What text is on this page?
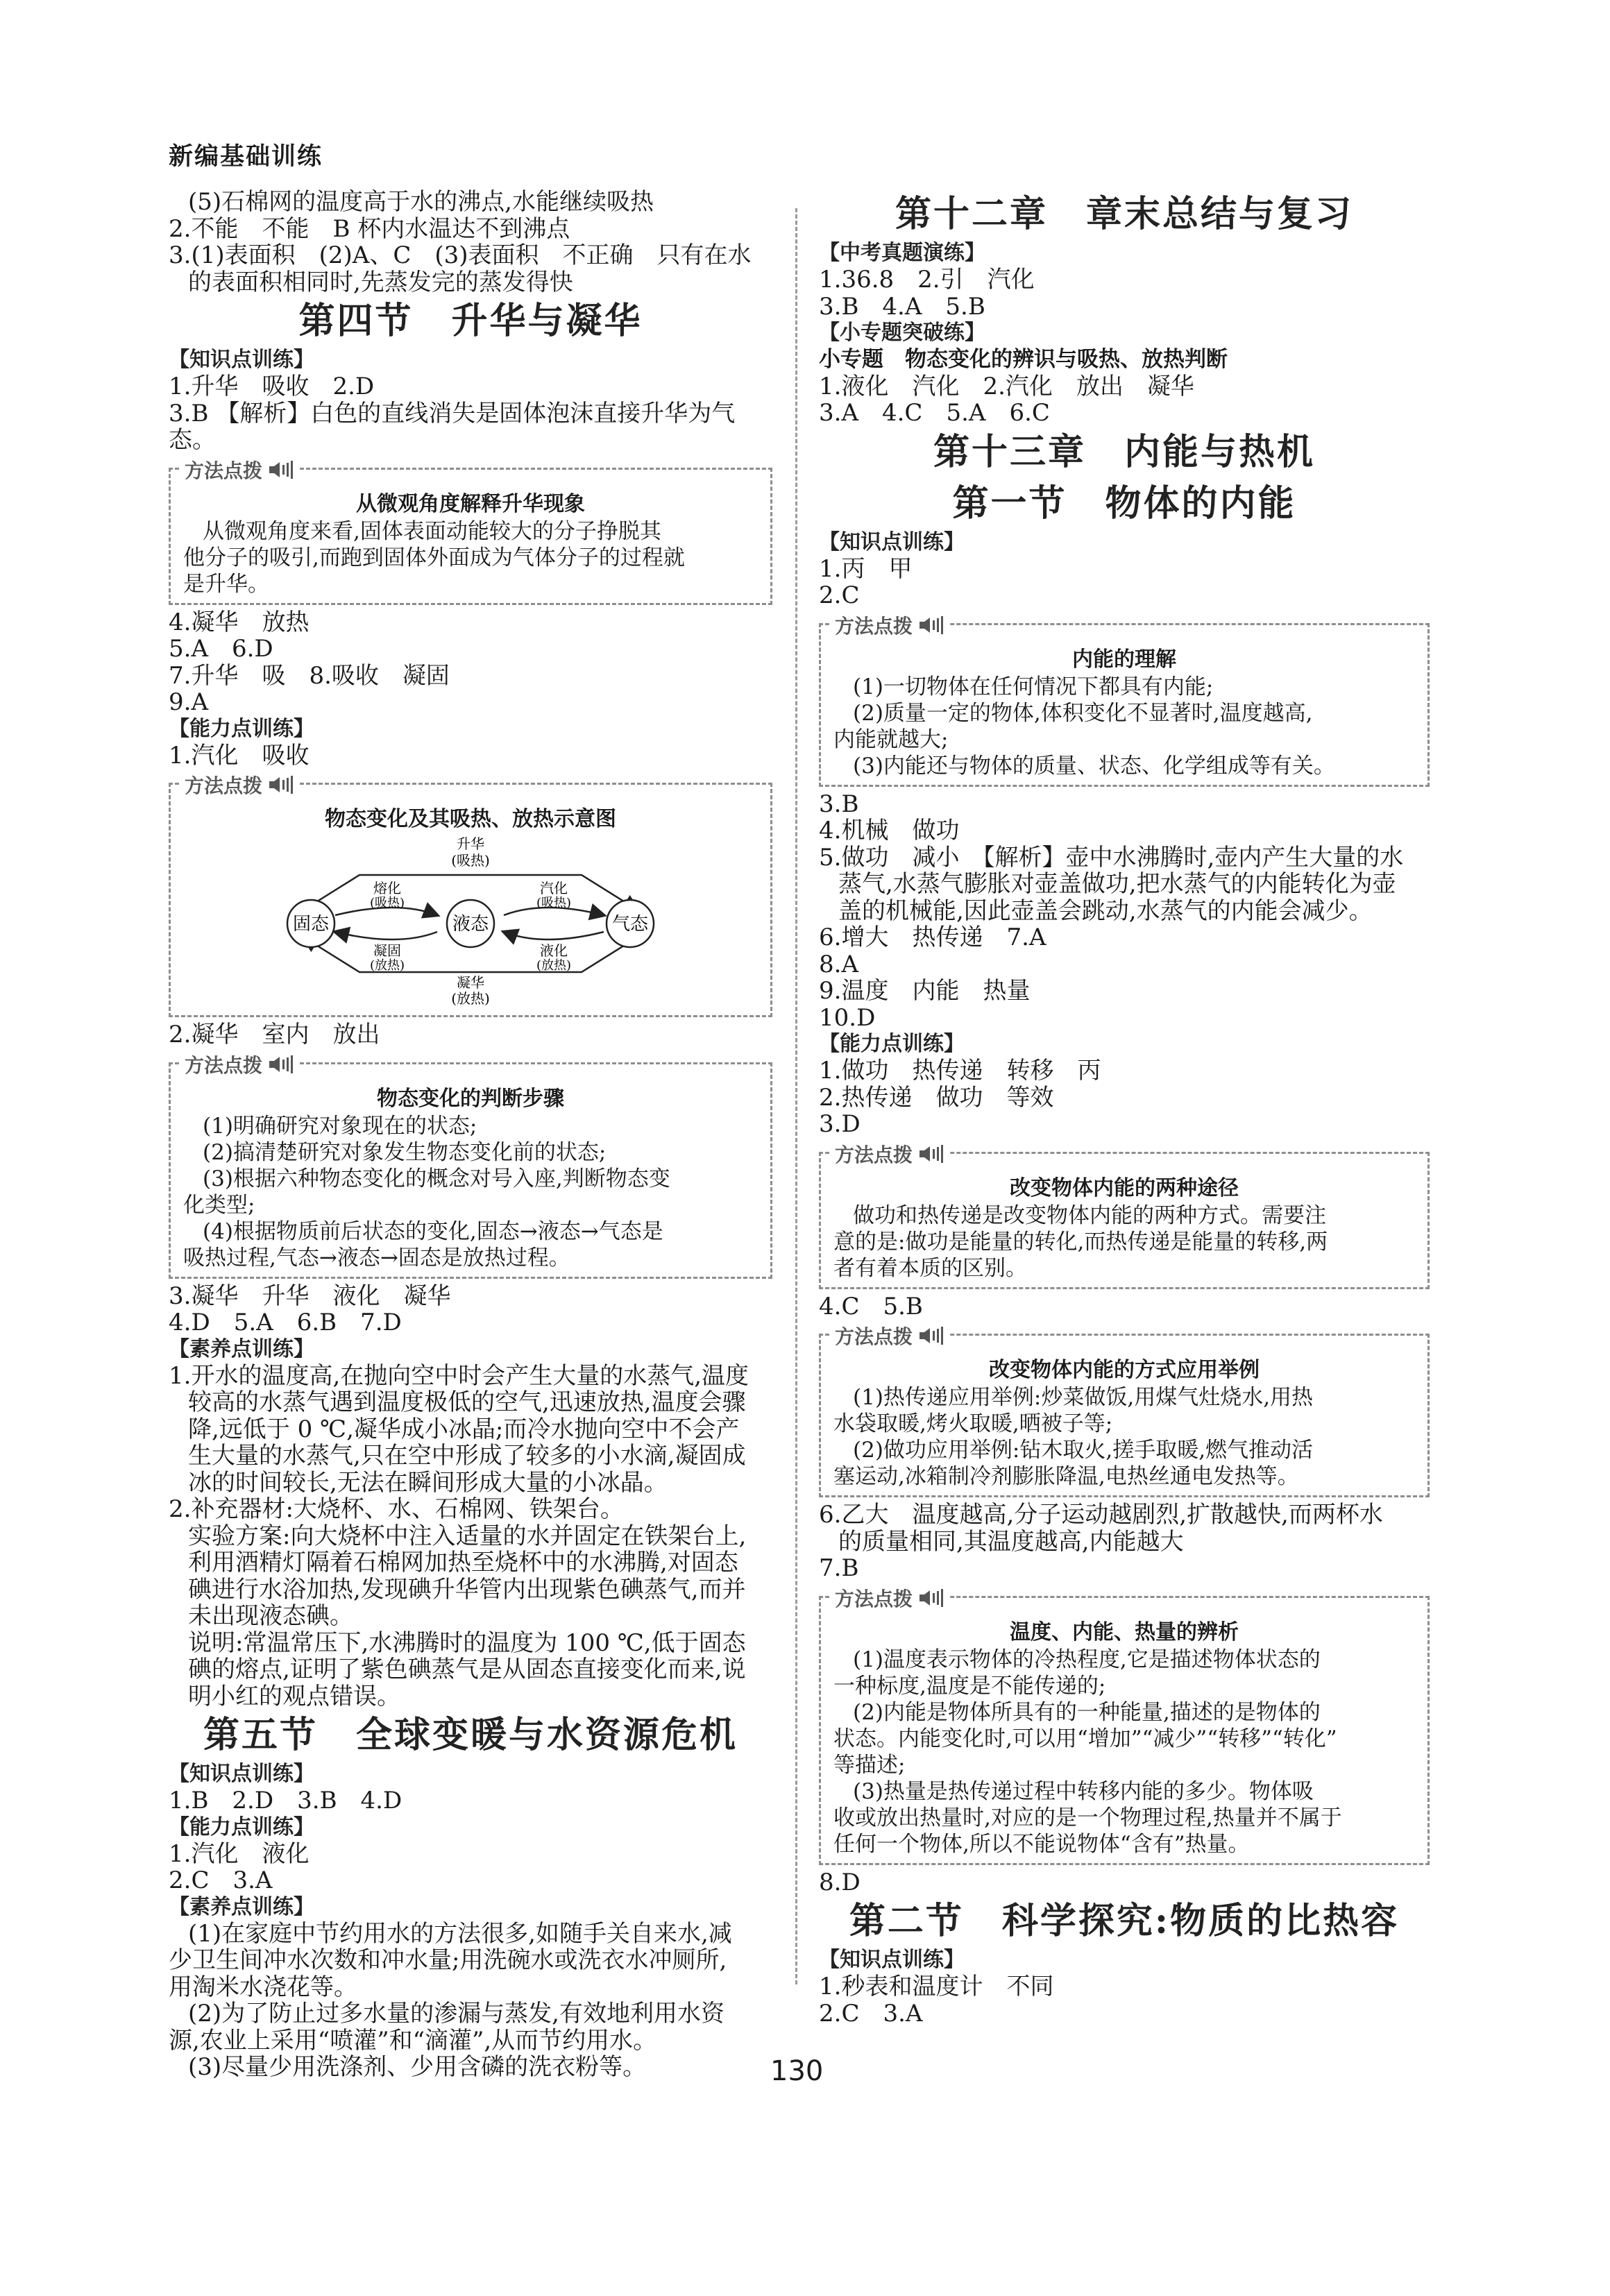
新编基础训练
(5)石棉网的温度高于水的沸点,水能继续吸热
2.不能　不能　B 杯内水温达不到沸点
3.(1)表面积　(2)A、C　(3)表面积　不正确　只有在水
的表面积相同时,先蒸发完的蒸发得快
第四节　升华与凝华
【知识点训练】
1.升华　吸收　2.D
3.B 【解析】白色的直线消失是固体泡沫直接升华为气态。
方法点拨
从微观角度解释升华现象
从微观角度来看,固体表面动能较大的分子挣脱其
他分子的吸引,而跑到固体外面成为气体分子的过程就
是升华。
4.凝华　放热
5.A　6.D
7.升华　吸　8.吸收　凝固
9.A
【能力点训练】
1.汽化　吸收
方法点拨
物态变化及其吸热、放热示意图
固态	液态	气态
升华
(吸热)
凝华
(放热)
熔化
(吸热)
凝固
(放热)
汽化
(吸热)
液化
(放热)
2.凝华　室内　放出
方法点拨
物态变化的判断步骤
(1)明确研究对象现在的状态;
(2)搞清楚研究对象发生物态变化前的状态;
(3)根据六种物态变化的概念对号入座,判断物态变
化类型;
(4)根据物质前后状态的变化,固态→液态→气态是
吸热过程,气态→液态→固态是放热过程。
3.凝华　升华　液化　凝华
4.D　5.A　6.B　7.D
【素养点训练】
1.开水的温度高,在抛向空中时会产生大量的水蒸气,温度
较高的水蒸气遇到温度极低的空气,迅速放热,温度会骤
降,远低于 0 ℃,凝华成小冰晶;而冷水抛向空中不会产
生大量的水蒸气,只在空中形成了较多的小水滴,凝固成
冰的时间较长,无法在瞬间形成大量的小冰晶。
2.补充器材:大烧杯、水、石棉网、铁架台。
实验方案:向大烧杯中注入适量的水并固定在铁架台上,
利用酒精灯隔着石棉网加热至烧杯中的水沸腾,对固态
碘进行水浴加热,发现碘升华管内出现紫色碘蒸气,而并
未出现液态碘。
说明:常温常压下,水沸腾时的温度为 100 ℃,低于固态
碘的熔点,证明了紫色碘蒸气是从固态直接变化而来,说
明小红的观点错误。
第五节　全球变暖与水资源危机
【知识点训练】
1.B　2.D　3.B　4.D
【能力点训练】
1.汽化　液化
2.C　3.A
【素养点训练】
(1)在家庭中节约用水的方法很多,如随手关自来水,减
少卫生间冲水次数和冲水量;用洗碗水或洗衣水冲厕所,
用淘米水浇花等。
(2)为了防止过多水量的渗漏与蒸发,有效地利用水资
源,农业上采用“喷灌”和“滴灌”,从而节约用水。
(3)尽量少用洗涤剂、少用含磷的洗衣粉等。
第十二章　章末总结与复习
【中考真题演练】
1.36.8　2.引　汽化
3.B　4.A　5.B
【小专题突破练】
小专题　物态变化的辨识与吸热、放热判断
1.液化　汽化　2.汽化　放出　凝华
3.A　4.C　5.A　6.C
第十三章　内能与热机
第一节　物体的内能
【知识点训练】
1.丙　甲
2.C
方法点拨
内能的理解
(1)一切物体在任何情况下都具有内能;
(2)质量一定的物体,体积变化不显著时,温度越高,
内能就越大;
(3)内能还与物体的质量、状态、化学组成等有关。
3.B
4.机械　做功
5.做功　减小　【解析】壶中水沸腾时,壶内产生大量的水
蒸气,水蒸气膨胀对壶盖做功,把水蒸气的内能转化为壶
盖的机械能,因此壶盖会跳动,水蒸气的内能会减少。
6.增大　热传递　7.A
8.A
9.温度　内能　热量
10.D
【能力点训练】
1.做功　热传递　转移　丙
2.热传递　做功　等效
3.D
方法点拨
改变物体内能的两种途径
做功和热传递是改变物体内能的两种方式。需要注
意的是:做功是能量的转化,而热传递是能量的转移,两
者有着本质的区别。
4.C　5.B
方法点拨
改变物体内能的方式应用举例
(1)热传递应用举例:炒菜做饭,用煤气灶烧水,用热
水袋取暖,烤火取暖,晒被子等;
(2)做功应用举例:钻木取火,搓手取暖,燃气推动活
塞运动,冰箱制冷剂膨胀降温,电热丝通电发热等。
6.乙大　温度越高,分子运动越剧烈,扩散越快,而两杯水
的质量相同,其温度越高,内能越大
7.B
方法点拨
温度、内能、热量的辨析
(1)温度表示物体的冷热程度,它是描述物体状态的
一种标度,温度是不能传递的;
(2)内能是物体所具有的一种能量,描述的是物体的
状态。内能变化时,可以用“增加”“减少”“转移”“转化”
等描述;
(3)热量是热传递过程中转移内能的多少。物体吸
收或放出热量时,对应的是一个物理过程,热量并不属于
任何一个物体,所以不能说物体“含有”热量。
8.D
第二节　科学探究:物质的比热容
【知识点训练】
1.秒表和温度计　不同
2.C　3.A
130
